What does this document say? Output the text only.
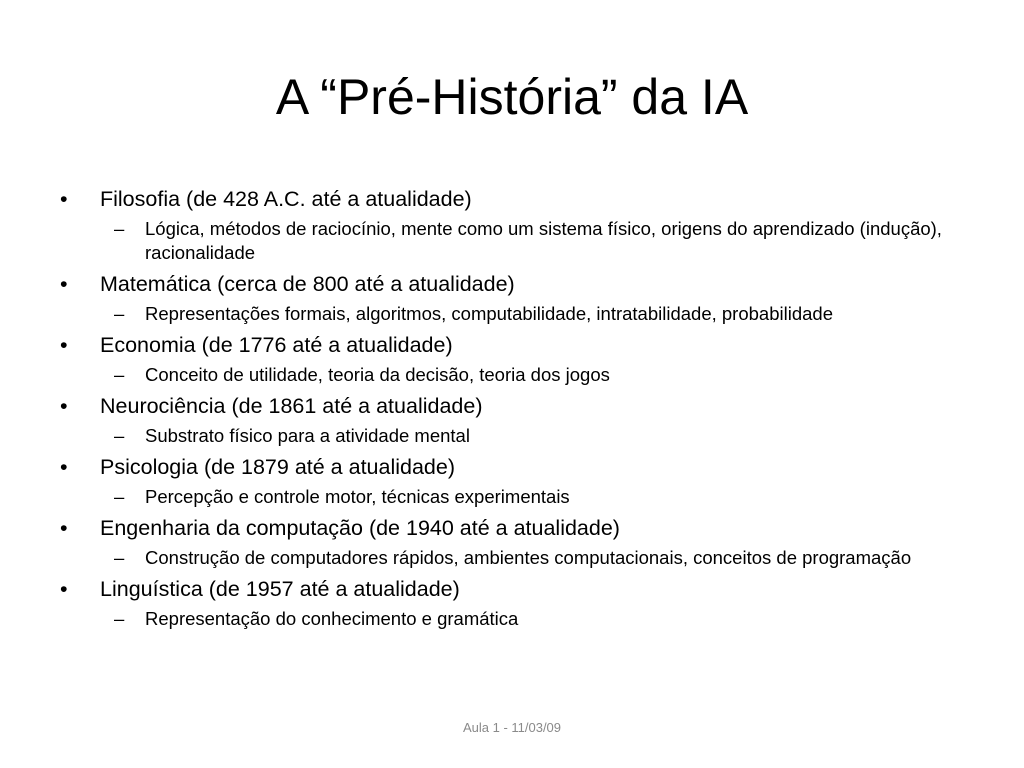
A “Pré-História” da IA
• Filosofia (de 428 A.C. até a atualidade)
– Lógica, métodos de raciocínio, mente como um sistema físico, origens do aprendizado (indução), racionalidade
• Matemática (cerca de 800 até a atualidade)
– Representações formais, algoritmos, computabilidade, intratabilidade, probabilidade
• Economia (de 1776 até a atualidade)
– Conceito de utilidade, teoria da decisão, teoria dos jogos
• Neurociência (de 1861 até a atualidade)
– Substrato físico para a atividade mental
• Psicologia (de 1879 até a atualidade)
– Percepção e controle motor, técnicas experimentais
• Engenharia da computação (de 1940 até a atualidade)
– Construção de computadores rápidos, ambientes computacionais, conceitos de programação
• Linguística (de 1957 até a atualidade)
– Representação do conhecimento e gramática
Aula 1 - 11/03/09
